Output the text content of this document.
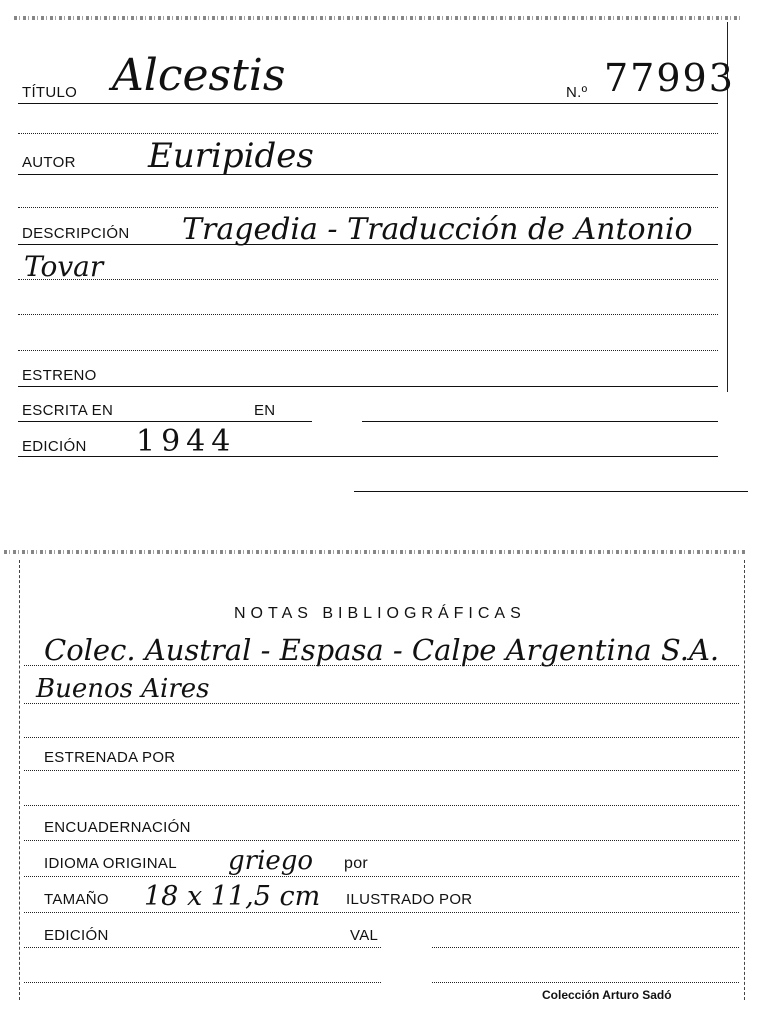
TÍTULO Alcestis	N.º 77993
AUTOR Euripides
DESCRIPCIÓN Tragedia - Traducción de Antonio
Tovar
ESTRENO
ESCRITA EN	EN
EDICIÓN 1944
NOTAS BIBLIOGRÁFICAS
Colec. Austral - Espasa - Calpe Argentina S.A.
Buenos Aires
ESTRENADA POR
ENCUADERNACIÓN
IDIOMA ORIGINAL griego por
TAMAÑO 18 x 11,5 cm ILUSTRADO POR
EDICIÓN	VAL
Colección Arturo Sadó
